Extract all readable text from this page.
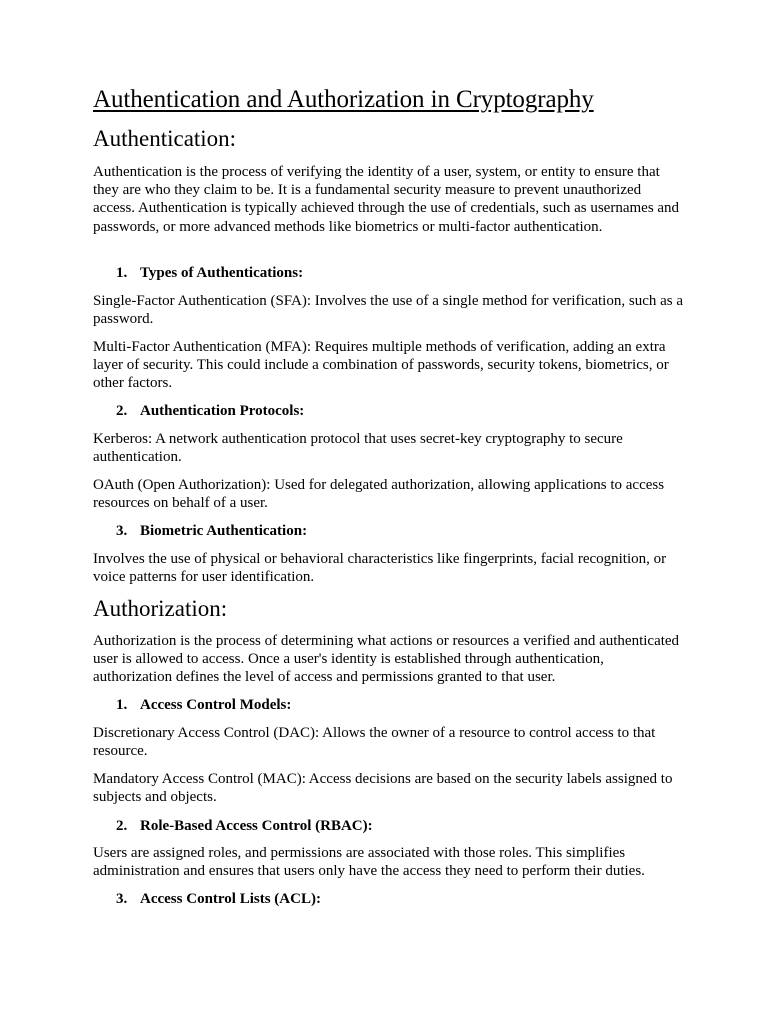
Authentication and Authorization in Cryptography
Authentication:

Authentication is the process of verifying the identity of a user, system, or entity to ensure that they are who they claim to be. It is a fundamental security measure to prevent unauthorized access. Authentication is typically achieved through the use of credentials, such as usernames and passwords, or more advanced methods like biometrics or multi-factor authentication.

1. Types of Authentications:

Single-Factor Authentication (SFA): Involves the use of a single method for verification, such as a password.

Multi-Factor Authentication (MFA): Requires multiple methods of verification, adding an extra layer of security. This could include a combination of passwords, security tokens, biometrics, or other factors.

2. Authentication Protocols:

Kerberos: A network authentication protocol that uses secret-key cryptography to secure authentication.

OAuth (Open Authorization): Used for delegated authorization, allowing applications to access resources on behalf of a user.

3. Biometric Authentication:

Involves the use of physical or behavioral characteristics like fingerprints, facial recognition, or voice patterns for user identification.

Authorization:

Authorization is the process of determining what actions or resources a verified and authenticated user is allowed to access. Once a user's identity is established through authentication, authorization defines the level of access and permissions granted to that user.

1. Access Control Models:

Discretionary Access Control (DAC): Allows the owner of a resource to control access to that resource.

Mandatory Access Control (MAC): Access decisions are based on the security labels assigned to subjects and objects.

2. Role-Based Access Control (RBAC):

Users are assigned roles, and permissions are associated with those roles. This simplifies administration and ensures that users only have the access they need to perform their duties.

3. Access Control Lists (ACL):
